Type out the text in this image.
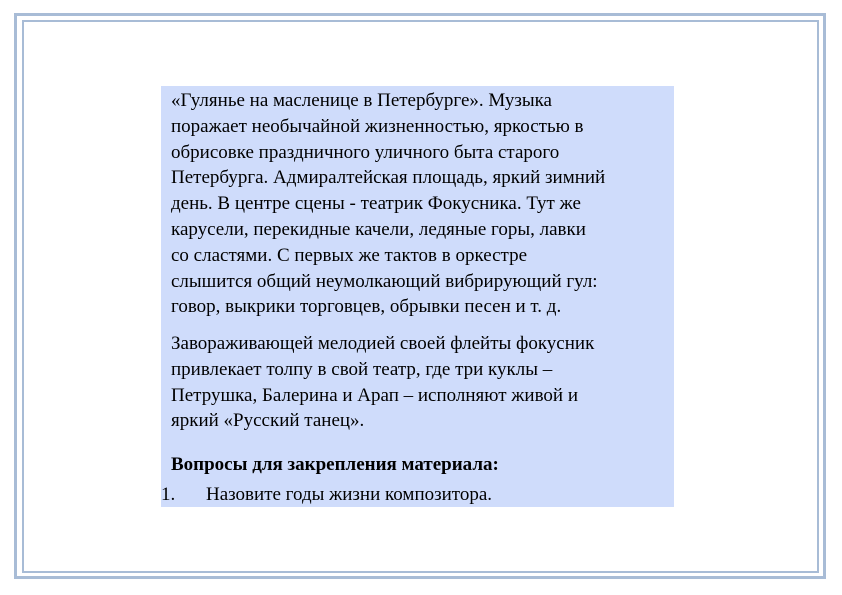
«Гулянье на масленице в Петербурге». Музыка
поражает необычайной жизненностью, яркостью в
обрисовке праздничного уличного быта старого
Петербурга. Адмиралтейская площадь, яркий зимний
день. В центре сцены - театрик Фокусника. Тут же
карусели, перекидные качели, ледяные горы, лавки
со сластями. С первых же тактов в оркестре
слышится общий неумолкающий вибрирующий гул:
говор, выкрики торговцев, обрывки песен и т. д.

Завораживающей мелодией своей флейты фокусник
привлекает толпу в свой театр, где три куклы –
Петрушка, Балерина и Арап – исполняют живой и
яркий «Русский танец».

Вопросы для закрепления материала:

1. Назовите годы жизни композитора.
